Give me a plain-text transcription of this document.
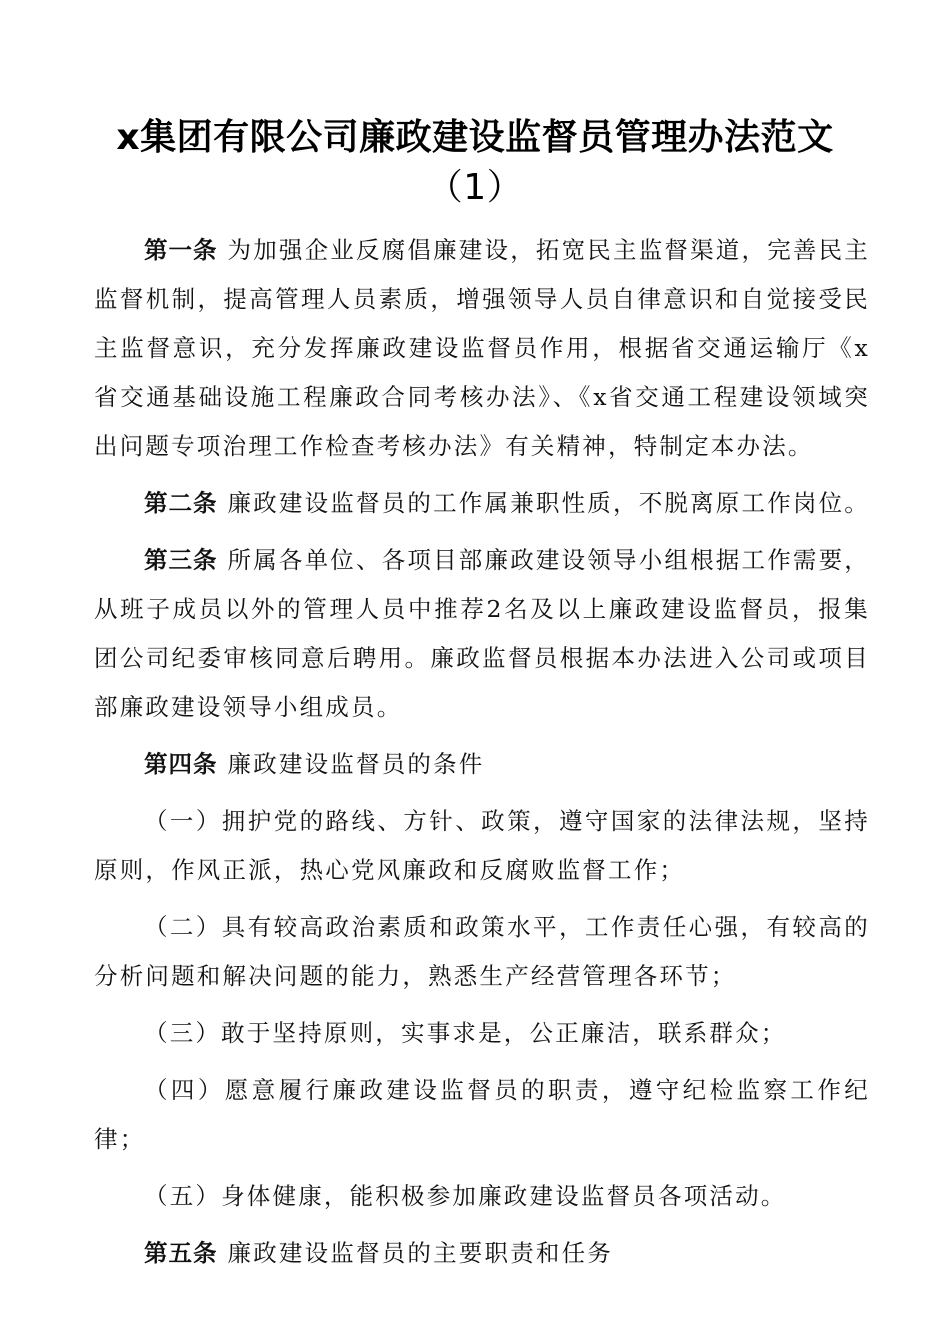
x集团有限公司廉政建设监督员管理办法范文
（1）

第一条 为加强企业反腐倡廉建设，拓宽民主监督渠道，完善民主监督机制，提高管理人员素质，增强领导人员自律意识和自觉接受民主监督意识，充分发挥廉政建设监督员作用，根据省交通运输厅《x省交通基础设施工程廉政合同考核办法》、《x省交通工程建设领域突出问题专项治理工作检查考核办法》有关精神，特制定本办法。

第二条 廉政建设监督员的工作属兼职性质，不脱离原工作岗位。

第三条 所属各单位、各项目部廉政建设领导小组根据工作需要，从班子成员以外的管理人员中推荐2名及以上廉政建设监督员，报集团公司纪委审核同意后聘用。廉政监督员根据本办法进入公司或项目部廉政建设领导小组成员。

第四条 廉政建设监督员的条件

（一）拥护党的路线、方针、政策，遵守国家的法律法规，坚持原则，作风正派，热心党风廉政和反腐败监督工作；

（二）具有较高政治素质和政策水平，工作责任心强，有较高的分析问题和解决问题的能力，熟悉生产经营管理各环节；

（三）敢于坚持原则，实事求是，公正廉洁，联系群众；

（四）愿意履行廉政建设监督员的职责，遵守纪检监察工作纪律；

（五）身体健康，能积极参加廉政建设监督员各项活动。

第五条 廉政建设监督员的主要职责和任务
